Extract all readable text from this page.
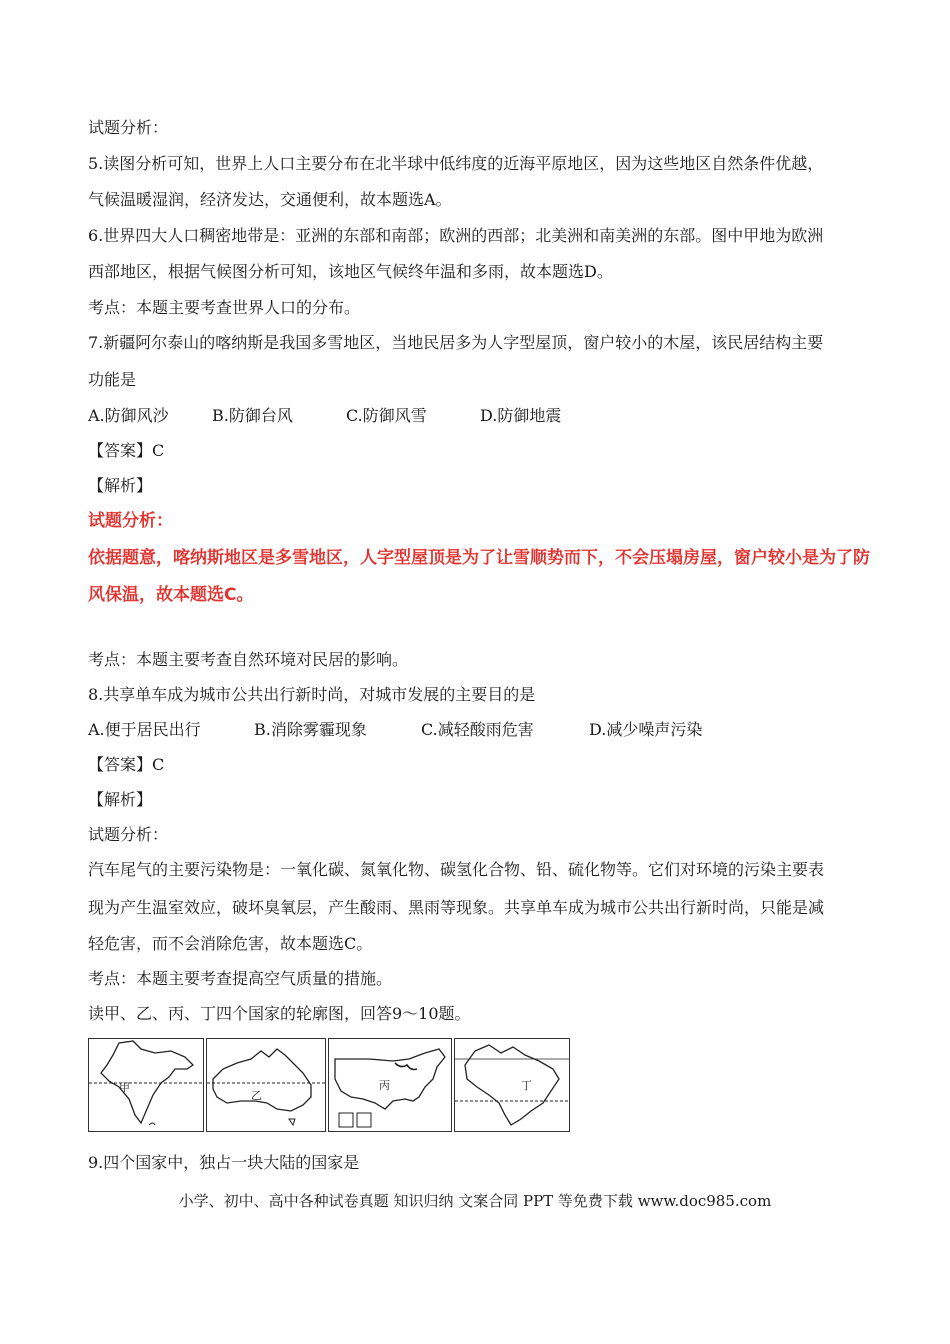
试题分析：
5.读图分析可知，世界上人口主要分布在北半球中低纬度的近海平原地区，因为这些地区自然条件优越，
气候温暖湿润，经济发达，交通便利，故本题选A。
6.世界四大人口稠密地带是：亚洲的东部和南部；欧洲的西部；北美洲和南美洲的东部。图中甲地为欧洲
西部地区，根据气候图分析可知，该地区气候终年温和多雨，故本题选D。
考点：本题主要考查世界人口的分布。
7.新疆阿尔泰山的喀纳斯是我国多雪地区，当地民居多为人字型屋顶，窗户较小的木屋，该民居结构主要
功能是
A.防御风沙	B.防御台风	C.防御风雪	D.防御地震
【答案】C
【解析】
试题分析：
依据题意，喀纳斯地区是多雪地区，人字型屋顶是为了让雪顺势而下，不会压塌房屋，窗户较小是为了防
风保温，故本题选C。
考点：本题主要考查自然环境对民居的影响。
8.共享单车成为城市公共出行新时尚，对城市发展的主要目的是
A.便于居民出行	B.消除雾霾现象	C.减轻酸雨危害	D.减少噪声污染
【答案】C
【解析】
试题分析：
汽车尾气的主要污染物是：一氧化碳、氮氧化物、碳氢化合物、铅、硫化物等。它们对环境的污染主要表
现为产生温室效应，破坏臭氧层，产生酸雨、黑雨等现象。共享单车成为城市公共出行新时尚，只能是减
轻危害，而不会消除危害，故本题选C。
考点：本题主要考查提高空气质量的措施。
读甲、乙、丙、丁四个国家的轮廓图，回答9～10题。
甲
乙
丙	丁
9.四个国家中，独占一块大陆的国家是
小学、初中、高中各种试卷真题 知识归纳 文案合同 PPT 等免费下载 www.doc985.com
